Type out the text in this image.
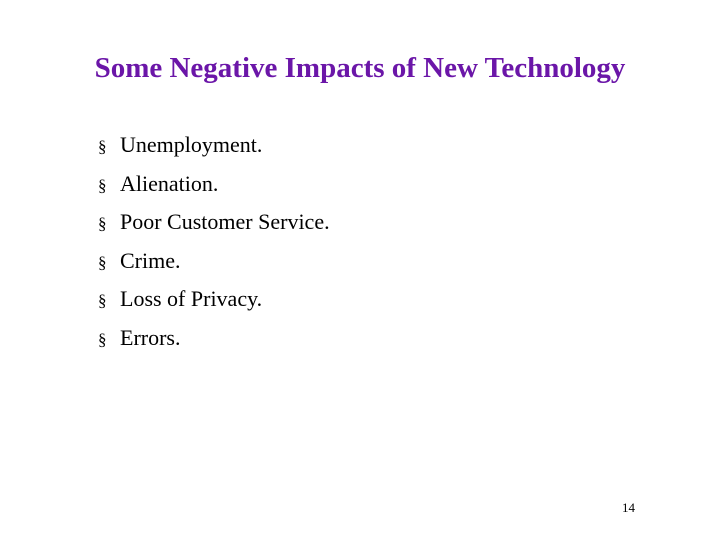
Some Negative Impacts of New Technology
§ Unemployment.
§ Alienation.
§ Poor Customer Service.
§ Crime.
§ Loss of Privacy.
§ Errors.
14
